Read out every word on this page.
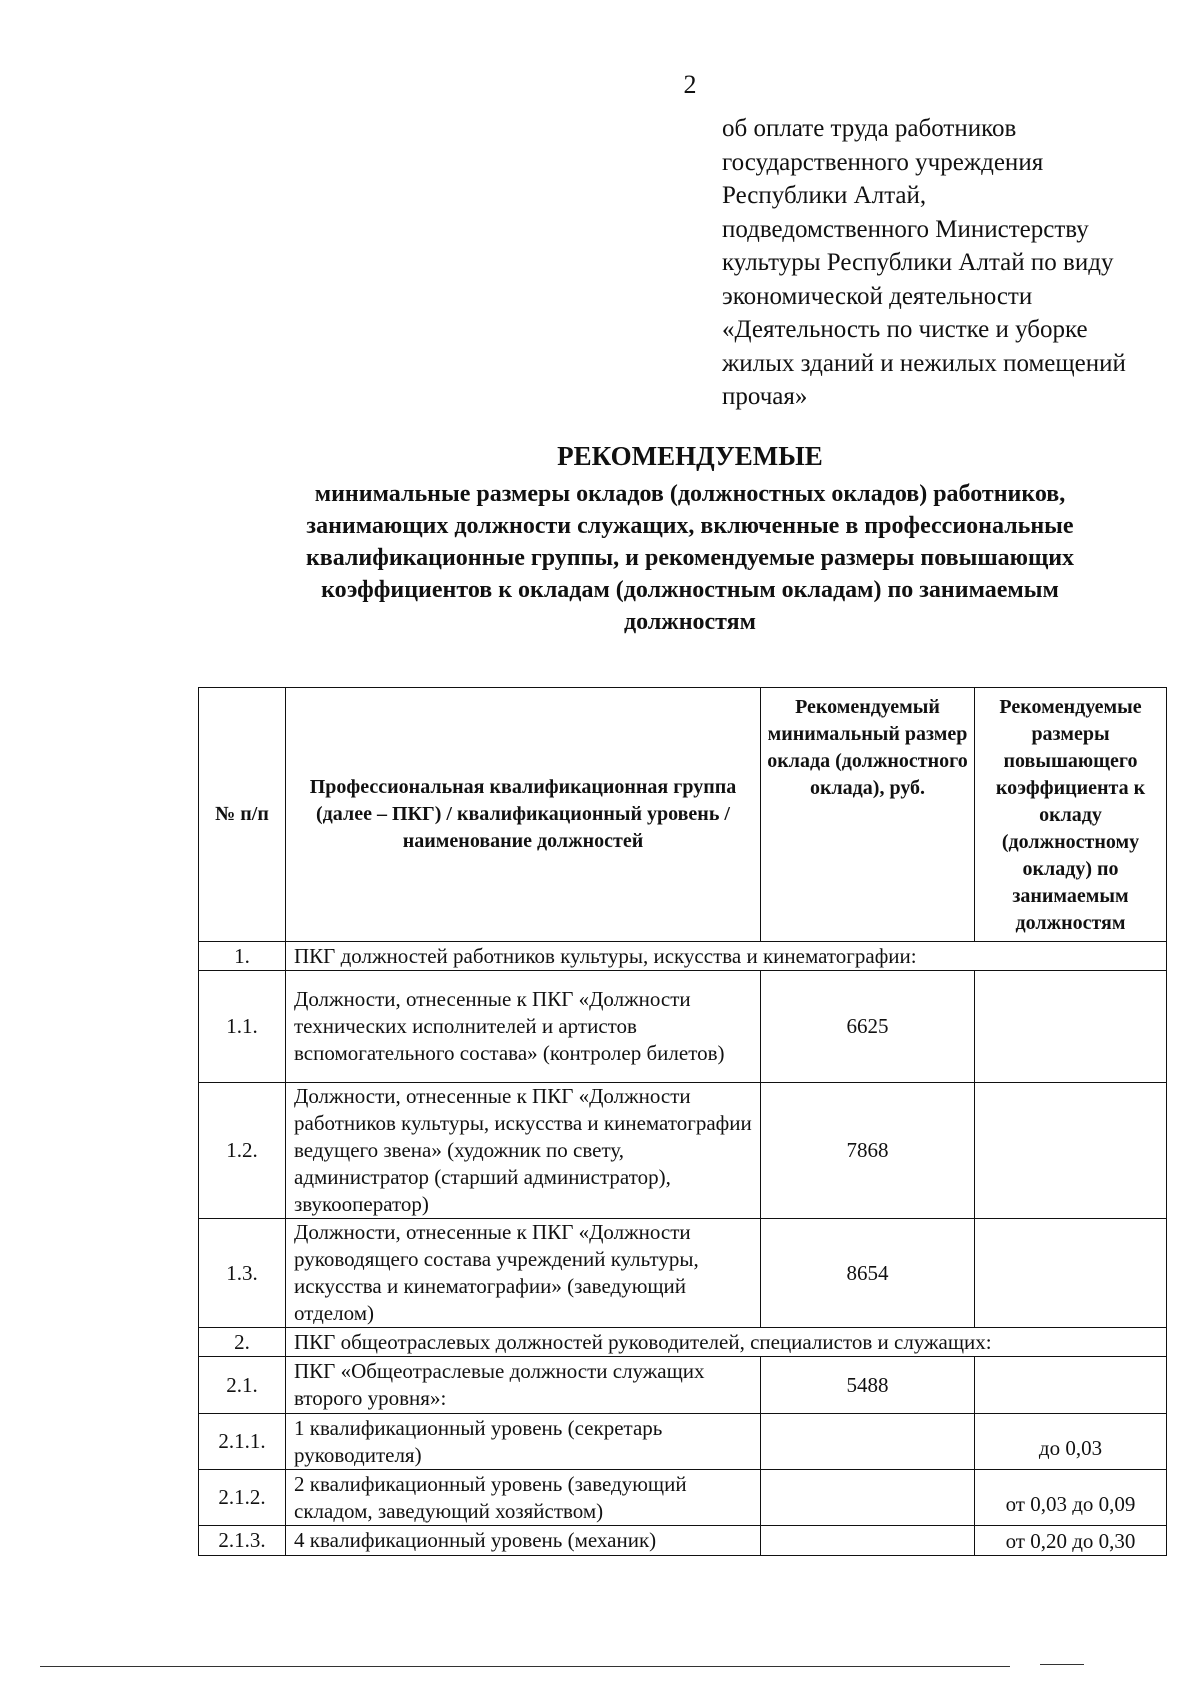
2
об оплате труда работников
государственного учреждения
Республики Алтай,
подведомственного Министерству
культуры Республики Алтай по виду
экономической деятельности
«Деятельность по чистке и уборке
жилых зданий и нежилых помещений
прочая»
РЕКОМЕНДУЕМЫЕ
минимальные размеры окладов (должностных окладов) работников,
занимающих должности служащих, включенные в профессиональные
квалификационные группы, и рекомендуемые размеры повышающих
коэффициентов к окладам (должностным окладам) по занимаемым
должностям
№ п/п	Профессиональная квалификационная группа (далее – ПКГ) / квалификационный уровень / наименование должностей	Рекомендуемый минимальный размер оклада (должностного оклада), руб.	Рекомендуемые размеры повышающего коэффициента к окладу (должностному окладу) по занимаемым должностям
1.	ПКГ должностей работников культуры, искусства и кинематографии:		
1.1.	Должности, отнесенные к ПКГ «Должности технических исполнителей и артистов вспомогательного состава» (контролер билетов)	6625	
1.2.	Должности, отнесенные к ПКГ «Должности работников культуры, искусства и кинематографии ведущего звена» (художник по свету, администратор (старший администратор), звукооператор)	7868	
1.3.	Должности, отнесенные к ПКГ «Должности руководящего состава учреждений культуры, искусства и кинематографии» (заведующий отделом)	8654	
2.	ПКГ общеотраслевых должностей руководителей, специалистов и служащих:		
2.1.	ПКГ «Общеотраслевые должности служащих второго уровня»:	5488	
2.1.1.	1 квалификационный уровень (секретарь руководителя)		до 0,03
2.1.2.	2 квалификационный уровень (заведующий складом, заведующий хозяйством)		от 0,03 до 0,09
2.1.3.	4 квалификационный уровень (механик)		от 0,20 до 0,30
